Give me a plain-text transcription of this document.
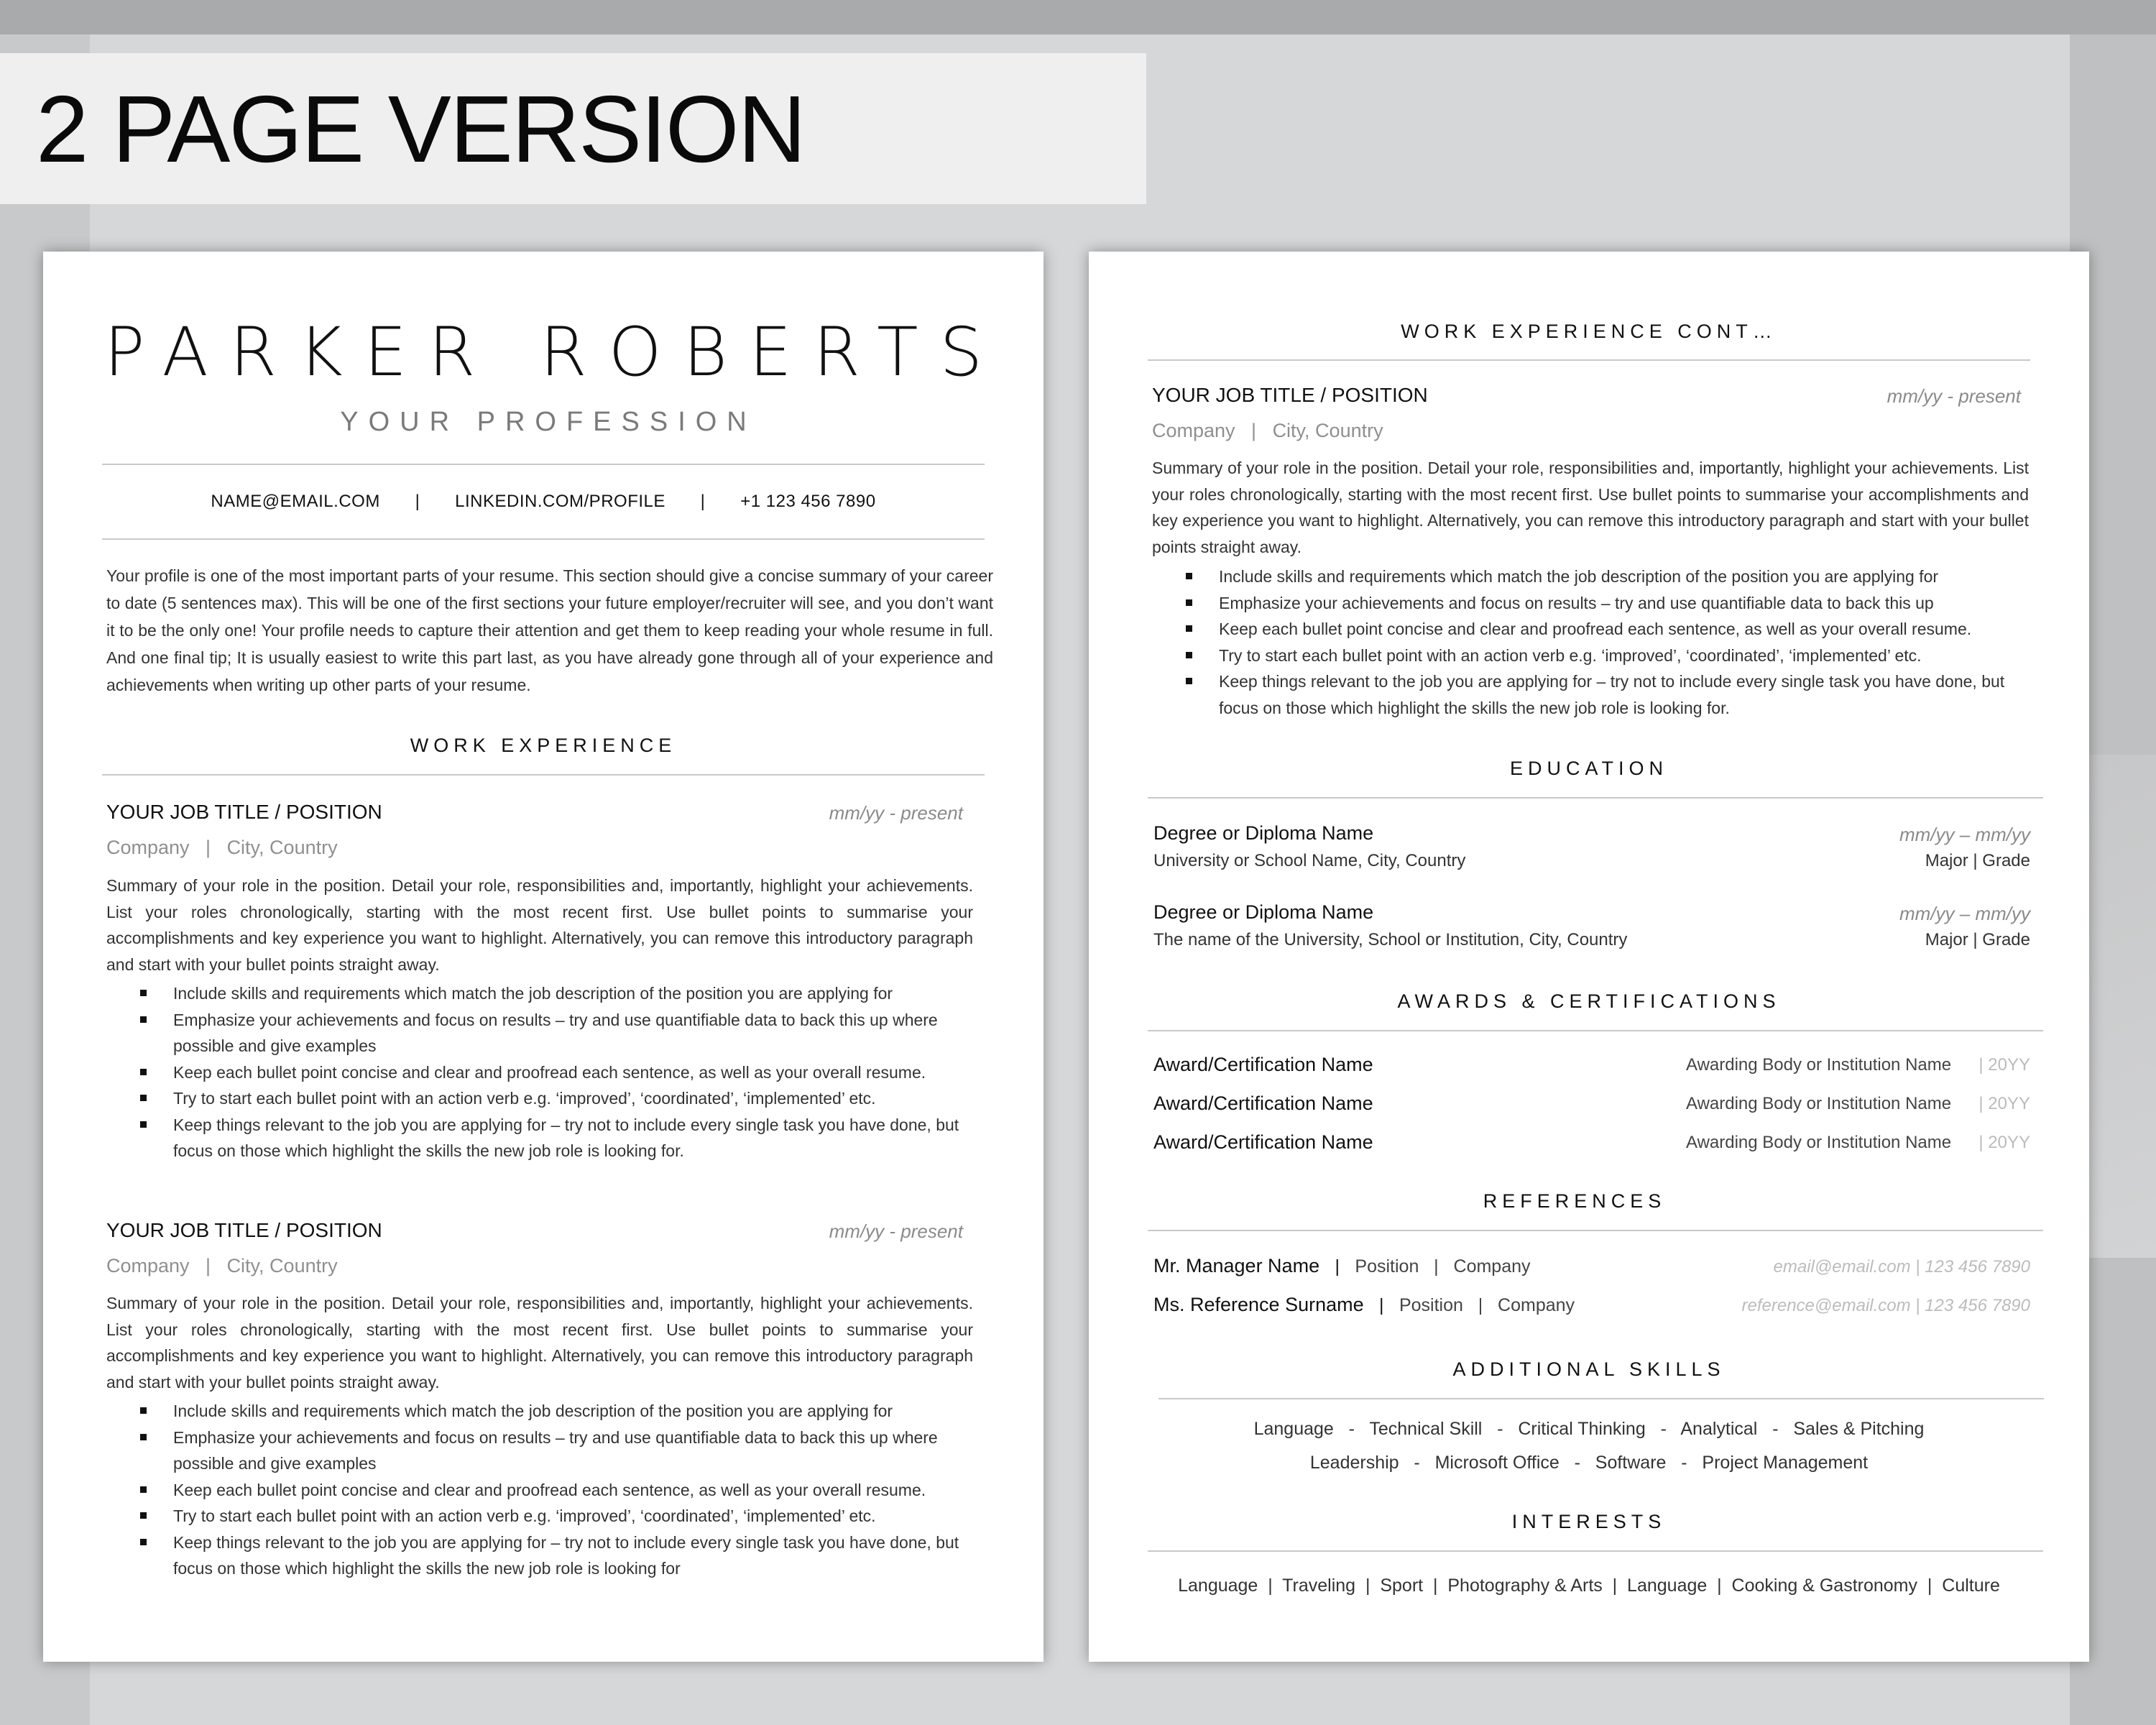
2 PAGE VERSION
PARKER ROBERTS
YOUR PROFESSION
NAME@EMAIL.COM | LINKEDIN.COM/PROFILE | +1 123 456 7890
Your profile is one of the most important parts of your resume. This section should give a concise summary of your career to date (5 sentences max). This will be one of the first sections your future employer/recruiter will see, and you don’t want it to be the only one! Your profile needs to capture their attention and get them to keep reading your whole resume in full. And one final tip; It is usually easiest to write this part last, as you have already gone through all of your experience and achievements when writing up other parts of your resume.
WORK EXPERIENCE
YOUR JOB TITLE / POSITION	mm/yy - present
Company | City, Country
Summary of your role in the position. Detail your role, responsibilities and, importantly, highlight your achievements. List your roles chronologically, starting with the most recent first. Use bullet points to summarise your accomplishments and key experience you want to highlight. Alternatively, you can remove this introductory paragraph and start with your bullet points straight away.
Include skills and requirements which match the job description of the position you are applying for
Emphasize your achievements and focus on results – try and use quantifiable data to back this up where possible and give examples
Keep each bullet point concise and clear and proofread each sentence, as well as your overall resume.
Try to start each bullet point with an action verb e.g. ‘improved’, ‘coordinated’, ‘implemented’ etc.
Keep things relevant to the job you are applying for – try not to include every single task you have done, but focus on those which highlight the skills the new job role is looking for.
YOUR JOB TITLE / POSITION	mm/yy - present
Company | City, Country
Summary of your role in the position. Detail your role, responsibilities and, importantly, highlight your achievements. List your roles chronologically, starting with the most recent first. Use bullet points to summarise your accomplishments and key experience you want to highlight. Alternatively, you can remove this introductory paragraph and start with your bullet points straight away.
Include skills and requirements which match the job description of the position you are applying for
Emphasize your achievements and focus on results – try and use quantifiable data to back this up where possible and give examples
Keep each bullet point concise and clear and proofread each sentence, as well as your overall resume.
Try to start each bullet point with an action verb e.g. ‘improved’, ‘coordinated’, ‘implemented’ etc.
Keep things relevant to the job you are applying for – try not to include every single task you have done, but focus on those which highlight the skills the new job role is looking for
WORK EXPERIENCE CONT…
YOUR JOB TITLE / POSITION	mm/yy - present
Company | City, Country
Summary of your role in the position. Detail your role, responsibilities and, importantly, highlight your achievements. List your roles chronologically, starting with the most recent first. Use bullet points to summarise your accomplishments and key experience you want to highlight. Alternatively, you can remove this introductory paragraph and start with your bullet points straight away.
Include skills and requirements which match the job description of the position you are applying for
Emphasize your achievements and focus on results – try and use quantifiable data to back this up
Keep each bullet point concise and clear and proofread each sentence, as well as your overall resume.
Try to start each bullet point with an action verb e.g. ‘improved’, ‘coordinated’, ‘implemented’ etc.
Keep things relevant to the job you are applying for – try not to include every single task you have done, but focus on those which highlight the skills the new job role is looking for.
EDUCATION
Degree or Diploma Name	mm/yy – mm/yy
University or School Name, City, Country	Major | Grade
Degree or Diploma Name	mm/yy – mm/yy
The name of the University, School or Institution, City, Country	Major | Grade
AWARDS & CERTIFICATIONS
Award/Certification Name	Awarding Body or Institution Name | 20YY
Award/Certification Name	Awarding Body or Institution Name | 20YY
Award/Certification Name	Awarding Body or Institution Name | 20YY
REFERENCES
Mr. Manager Name   |   Position   |   Company	email@email.com | 123 456 7890
Ms. Reference Surname   |   Position   |   Company	reference@email.com | 123 456 7890
ADDITIONAL SKILLS
Language   -   Technical Skill   -   Critical Thinking   -   Analytical   -   Sales & Pitching
Leadership   -   Microsoft Office   -   Software   -   Project Management
INTERESTS
Language  |  Traveling  |  Sport  |  Photography & Arts  |  Language  |  Cooking & Gastronomy  |  Culture
